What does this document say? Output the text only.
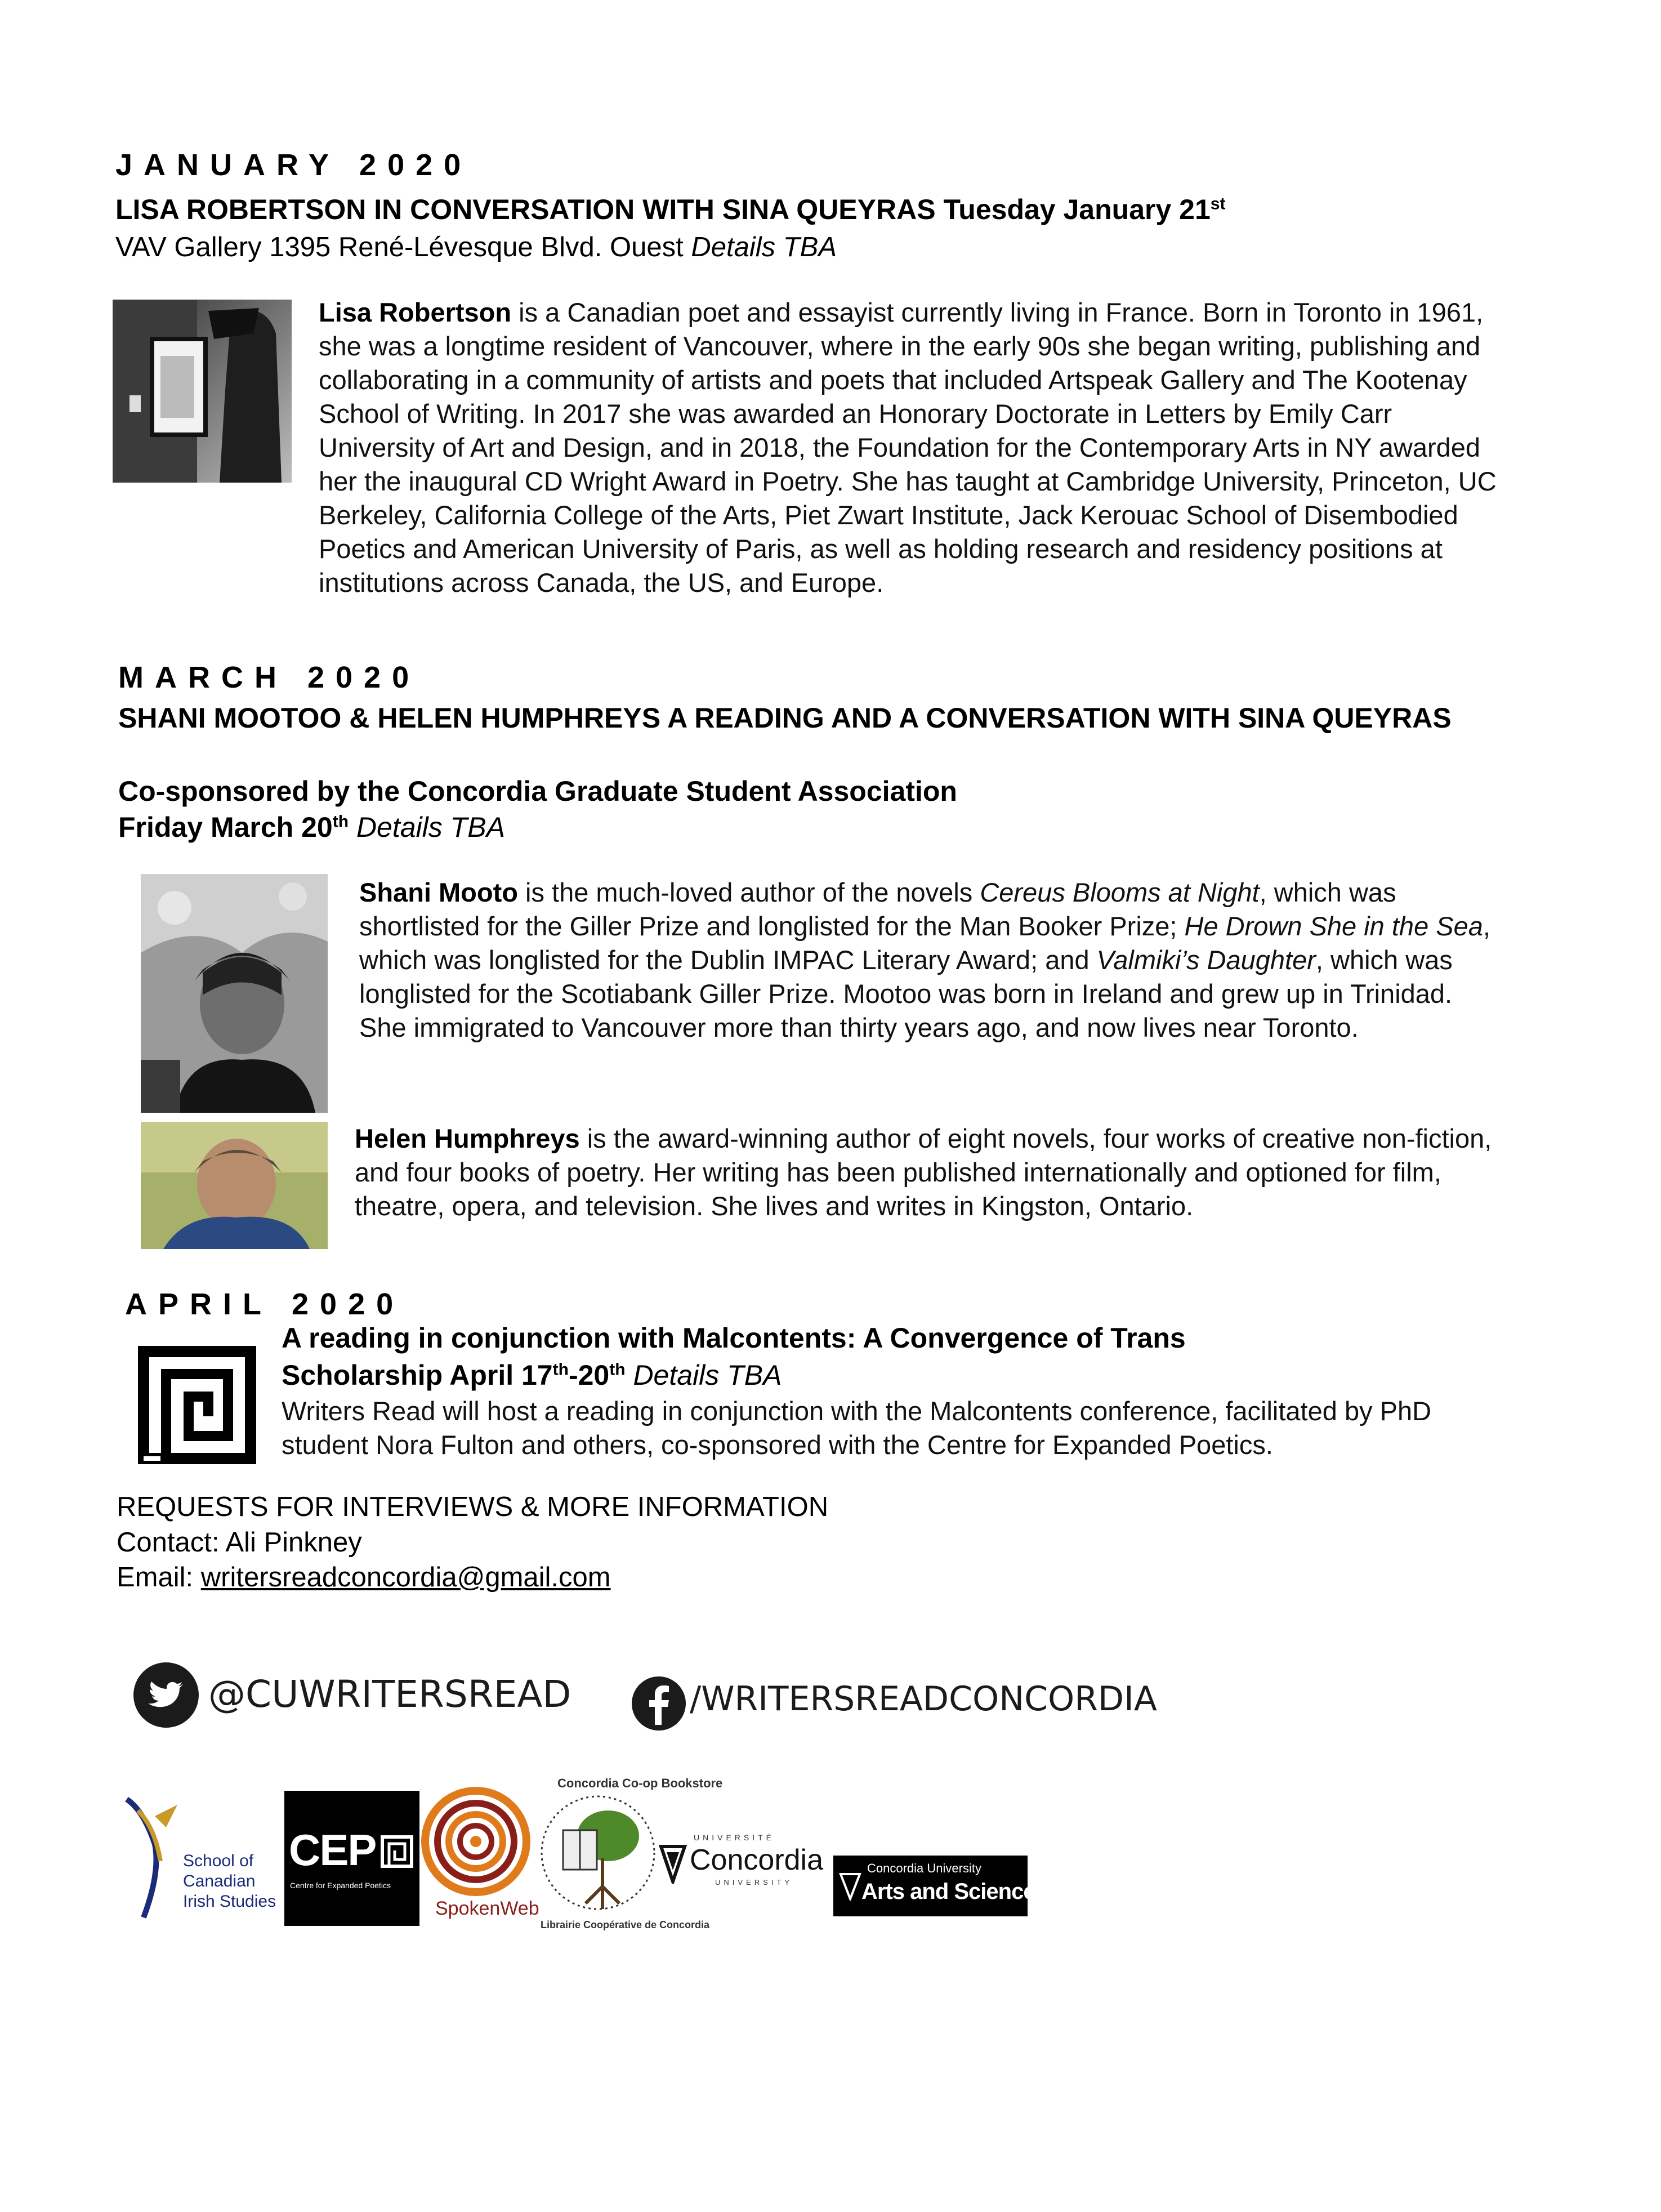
JANUARY 2020
LISA ROBERTSON IN CONVERSATION WITH SINA QUEYRAS Tuesday January 21st
VAV Gallery 1395 René-Lévesque Blvd. Ouest Details TBA
Lisa Robertson is a Canadian poet and essayist currently living in France. Born in Toronto in 1961, she was a longtime resident of Vancouver, where in the early 90s she began writing, publishing and collaborating in a community of artists and poets that included Artspeak Gallery and The Kootenay School of Writing. In 2017 she was awarded an Honorary Doctorate in Letters by Emily Carr University of Art and Design, and in 2018, the Foundation for the Contemporary Arts in NY awarded her the inaugural CD Wright Award in Poetry. She has taught at Cambridge University, Princeton, UC Berkeley, California College of the Arts, Piet Zwart Institute, Jack Kerouac School of Disembodied Poetics and American University of Paris, as well as holding research and residency positions at institutions across Canada, the US, and Europe.
MARCH 2020
SHANI MOOTOO & HELEN HUMPHREYS A READING AND A CONVERSATION WITH SINA QUEYRAS
Co-sponsored by the Concordia Graduate Student Association
Friday March 20th Details TBA
Shani Mooto is the much-loved author of the novels Cereus Blooms at Night, which was shortlisted for the Giller Prize and longlisted for the Man Booker Prize; He Drown She in the Sea, which was longlisted for the Dublin IMPAC Literary Award; and Valmiki’s Daughter, which was longlisted for the Scotiabank Giller Prize. Mootoo was born in Ireland and grew up in Trinidad. She immigrated to Vancouver more than thirty years ago, and now lives near Toronto.
Helen Humphreys is the award-winning author of eight novels, four works of creative non-fiction, and four books of poetry. Her writing has been published internationally and optioned for film, theatre, opera, and television. She lives and writes in Kingston, Ontario.
APRIL 2020
A reading in conjunction with Malcontents: A Convergence of Trans
Scholarship April 17th-20th Details TBA
Writers Read will host a reading in conjunction with the Malcontents conference, facilitated by PhD student Nora Fulton and others, co-sponsored with the Centre for Expanded Poetics.
REQUESTS FOR INTERVIEWS & MORE INFORMATION
Contact: Ali Pinkney
Email: writersreadconcordia@gmail.com
@CUWRITERSREAD	/WRITERSREADCONCORDIA
School of
Canadian
Irish Studies
CEP
Centre for Expanded Poetics
SpokenWeb
Concordia Co-op Bookstore
Librairie Coopérative de Concordia
UNIVERSITÉ
Concordia
UNIVERSITY
Concordia University
Arts and Science
